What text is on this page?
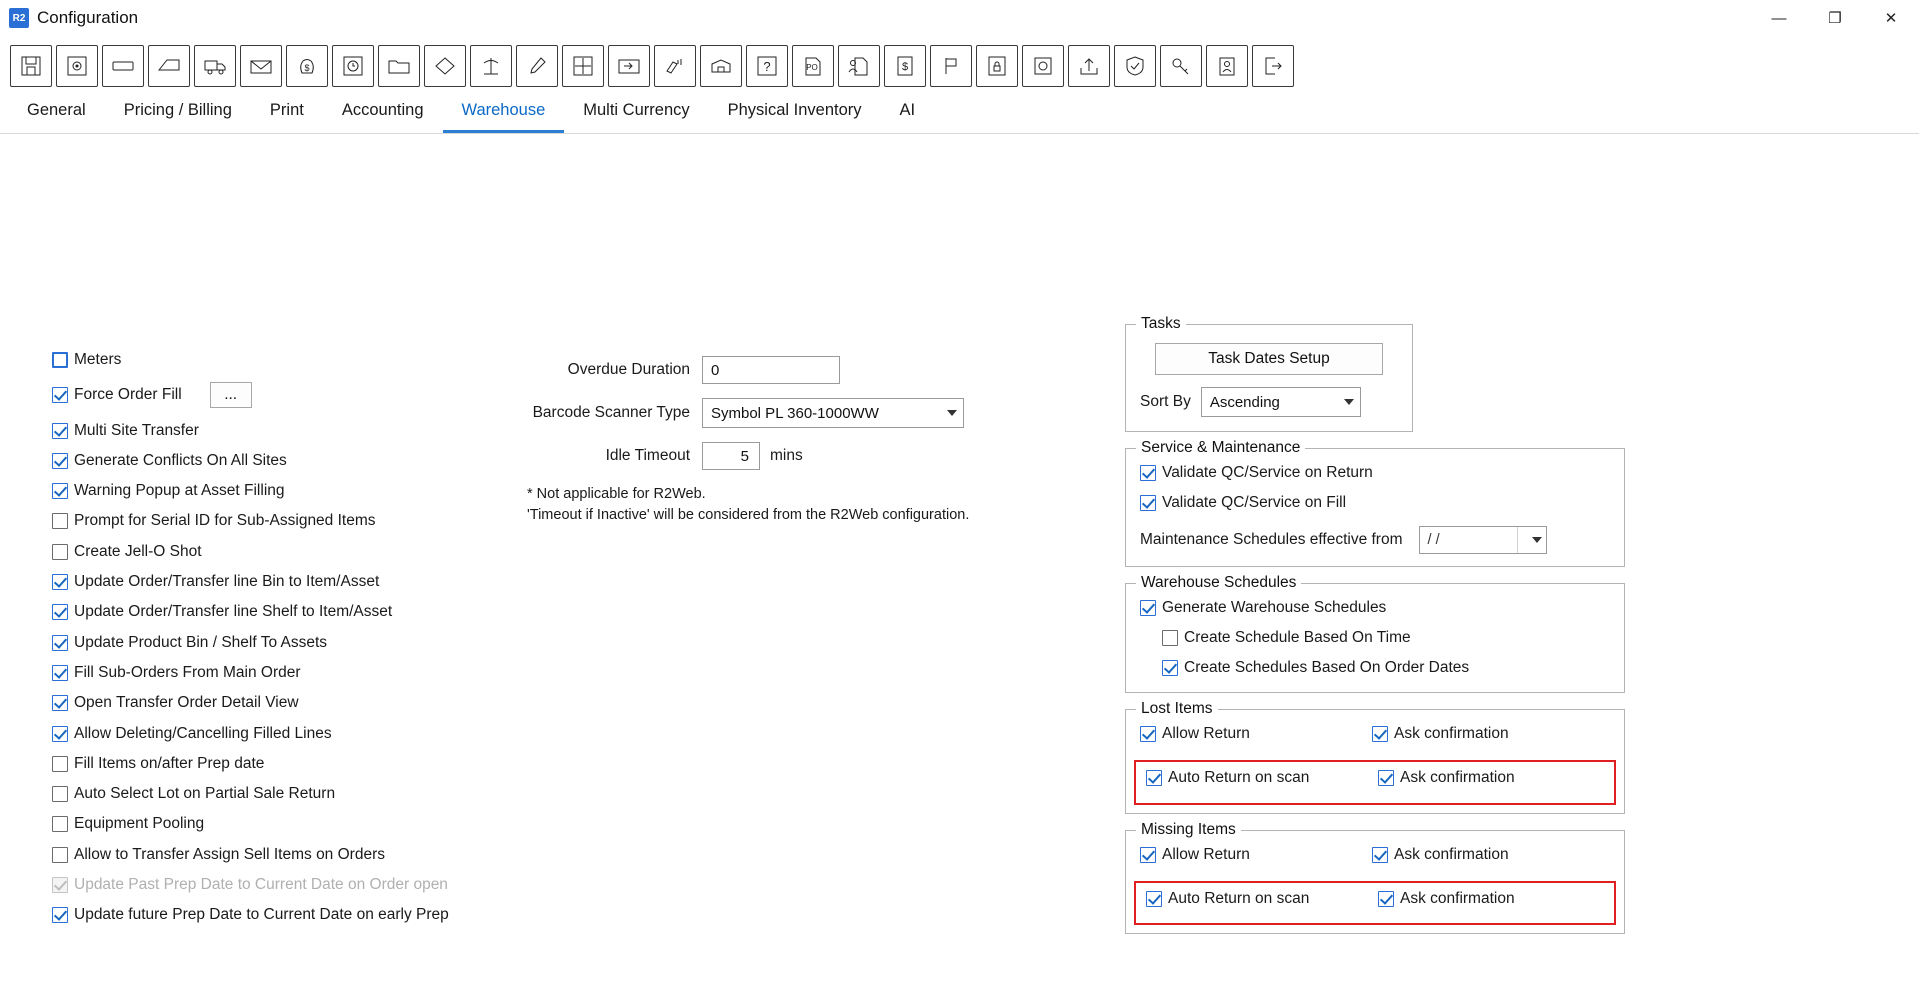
R2 Configuration	—	❐	✕
$	?	PO	$
General	Pricing / Billing	Print	Accounting	Warehouse	Multi Currency	Physical Inventory	AI
Meters
Force Order Fill	...
Multi Site Transfer
Generate Conflicts On All Sites
Warning Popup at Asset Filling
Prompt for Serial ID for Sub-Assigned Items
Create Jell-O Shot
Update Order/Transfer line Bin to Item/Asset
Update Order/Transfer line Shelf to Item/Asset
Update Product Bin / Shelf To Assets
Fill Sub-Orders From Main Order
Open Transfer Order Detail View
Allow Deleting/Cancelling Filled Lines
Fill Items on/after Prep date
Auto Select Lot on Partial Sale Return
Equipment Pooling
Allow to Transfer Assign Sell Items on Orders
Update Past Prep Date to Current Date on Order open
Update future Prep Date to Current Date on early Prep
Overdue Duration	0
Barcode Scanner Type	Symbol PL 360-1000WW
Idle Timeout	5	mins
* Not applicable for R2Web.
'Timeout if Inactive' will be considered from the R2Web configuration.
Tasks
Task Dates Setup
Sort By Ascending
Service & Maintenance
Validate QC/Service on Return
Validate QC/Service on Fill
Maintenance Schedules effective from / /
Warehouse Schedules
Generate Warehouse Schedules
Create Schedule Based On Time
Create Schedules Based On Order Dates
Lost Items
Allow Return	Ask confirmation
Auto Return on scan	Ask confirmation
Missing Items
Allow Return	Ask confirmation
Auto Return on scan	Ask confirmation
